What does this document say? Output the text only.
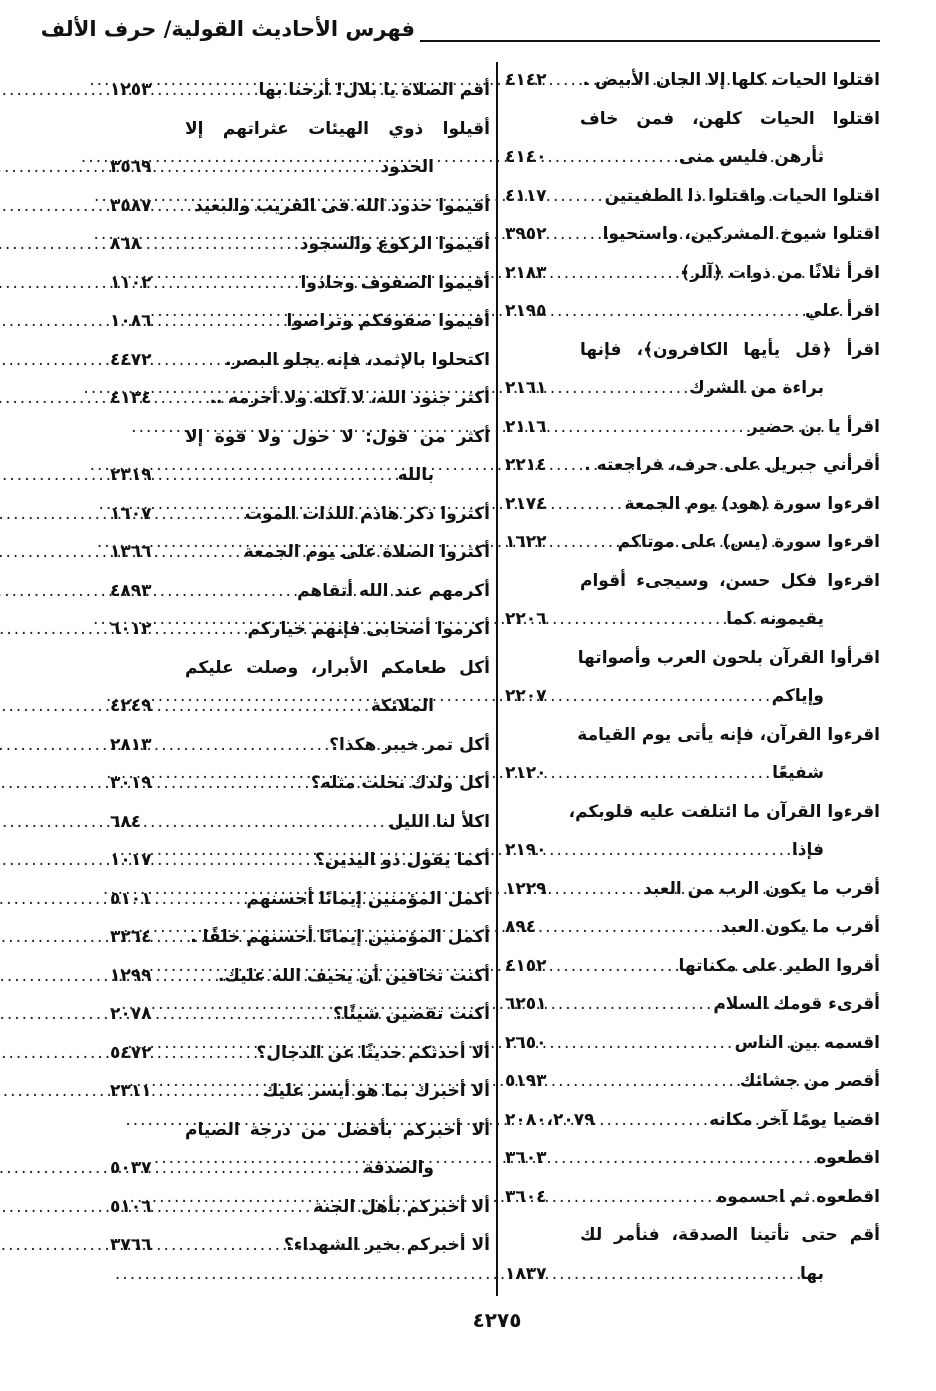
فهرس الأحاديث القولية/ حرف الألف
اقتلوا الحيات كلها إلا الجان الأبيض .
.....
٤١٤٢
اقتلوا الحيات كلهن، فمن خاف
ثأرهن فليس منى
.....
٤١٤٠
اقتلوا الحيات واقتلوا ذا الطفيتين
.....
٤١١٧
اقتلوا شيوخ المشركين، واستحيوا
.....
٣٩٥٢
اقرأ ثلاثًا من ذوات ﴿آلر﴾
.....
٢١٨٣
اقرأ علي
.....
٢١٩٥
اقرأ ﴿قل يأيها الكافرون﴾، فإنها
براءة من الشرك
.....
٢١٦١
اقرأ يا بن حضير
.....
٢١١٦
أقرأني جبريل على حرف، فراجعته .
.....
٢٢١٤
اقرءوا سورة (هود) يوم الجمعة
.....
٢١٧٤
اقرءوا سورة (يس) على موتاكم
.....
١٦٢٢
اقرءوا فكل حسن، وسيجىء أقوام
يقيمونه كما
.....
٢٢٠٦
اقرأوا القرآن بلحون العرب وأصواتها
وإياكم
.....
٢٢٠٧
اقرءوا القرآن، فإنه يأتى يوم القيامة
شفيعًا
.....
٢١٢٠
اقرءوا القرآن ما ائتلفت عليه قلوبكم،
فإذا
.....
٢١٩٠
أقرب ما يكون الرب من العبد
.....
١٢٢٩
أقرب ما يكون العبد
.....
٨٩٤
أقروا الطير على مكناتها
.....
٤١٥٢
أقرىء قومك السلام
.....
٦٢٥١
اقسمه بين الناس
.....
٢٦٥٠
أقصر من جشائك
.....
٥١٩٣
اقضيا يومًا آخر مكانه
.....
٢٠٧٩‏،٢٠٨٠
اقطعوه
.....
٣٦٠٣
اقطعوه ثم احسموه
.....
٣٦٠٤
أقم حتى تأتينا الصدقة، فنأمر لك
بها
.....
١٨٣٧
أقم الصلاة يا بلال! أرحنا بها
.....
١٢٥٣
أقيلوا ذوي الهيئات عثراتهم إلا
الحدود
.....
٣٥٦٩
أقيموا حدود الله فى القريب والبعيد
.....
٣٥٨٧
أقيموا الركوع والسجود
.....
٨٦٨
أقيموا الصفوف وحاذوا
.....
١١٠٢
أقيموا صفوفكم وتراصوا
.....
١٠٨٦
اكتحلوا بالإثمد، فإنه يجلو البصر.
.....
٤٤٧٢
أكثر جنود الله، لا آكله ولا أحرمه ..
.....
٤١٣٤
أكثر من قول: لا حول ولا قوة إلا
بالله
.....
٢٣١٩
أكثروا ذكر هاذم اللذات الموت
.....
١٦٠٧
أكثروا الصلاة على يوم الجمعة
.....
١٣٦٦
أكرمهم عند الله أتقاهم
.....
٤٨٩٣
أكرموا أصحابى فإنهم خياركم
.....
٦٠١٢
أكل طعامكم الأبرار، وصلت عليكم
الملائكة
.....
٤٢٤٩
أكل تمر خيبر هكذا؟
.....
٢٨١٣
أكل ولدك نحلت مثله؟
.....
٣٠١٩
اكلأ لنا الليل
.....
٦٨٤
أكما يقول ذو اليدين؟
.....
١٠١٧
أكمل المؤمنين إيمانًا أحسنهم
.....
٥١٠١
أكمل المؤمنين إيمانًا أحسنهم خلقًا .
.....
٣٢٦٤
أكنت تخافين أن يحيف الله عليك.
.....
١٢٩٩
أكنت تقضين شيئًا؟
.....
٢٠٧٨
ألا أحدثكم حديثًا عن الدجال؟
.....
٥٤٧٢
ألا أخبرك بما هو أيسر عليك
.....
٢٣١١
ألا أخبركم بأفضل من درجة الصيام
والصدقة
.....
٥٠٣٧
ألا أخبركم بأهل الجنة
.....
٥١٠٦
ألا أخبركم بخير الشهداء؟
.....
٣٧٦٦
٤٢٧٥
